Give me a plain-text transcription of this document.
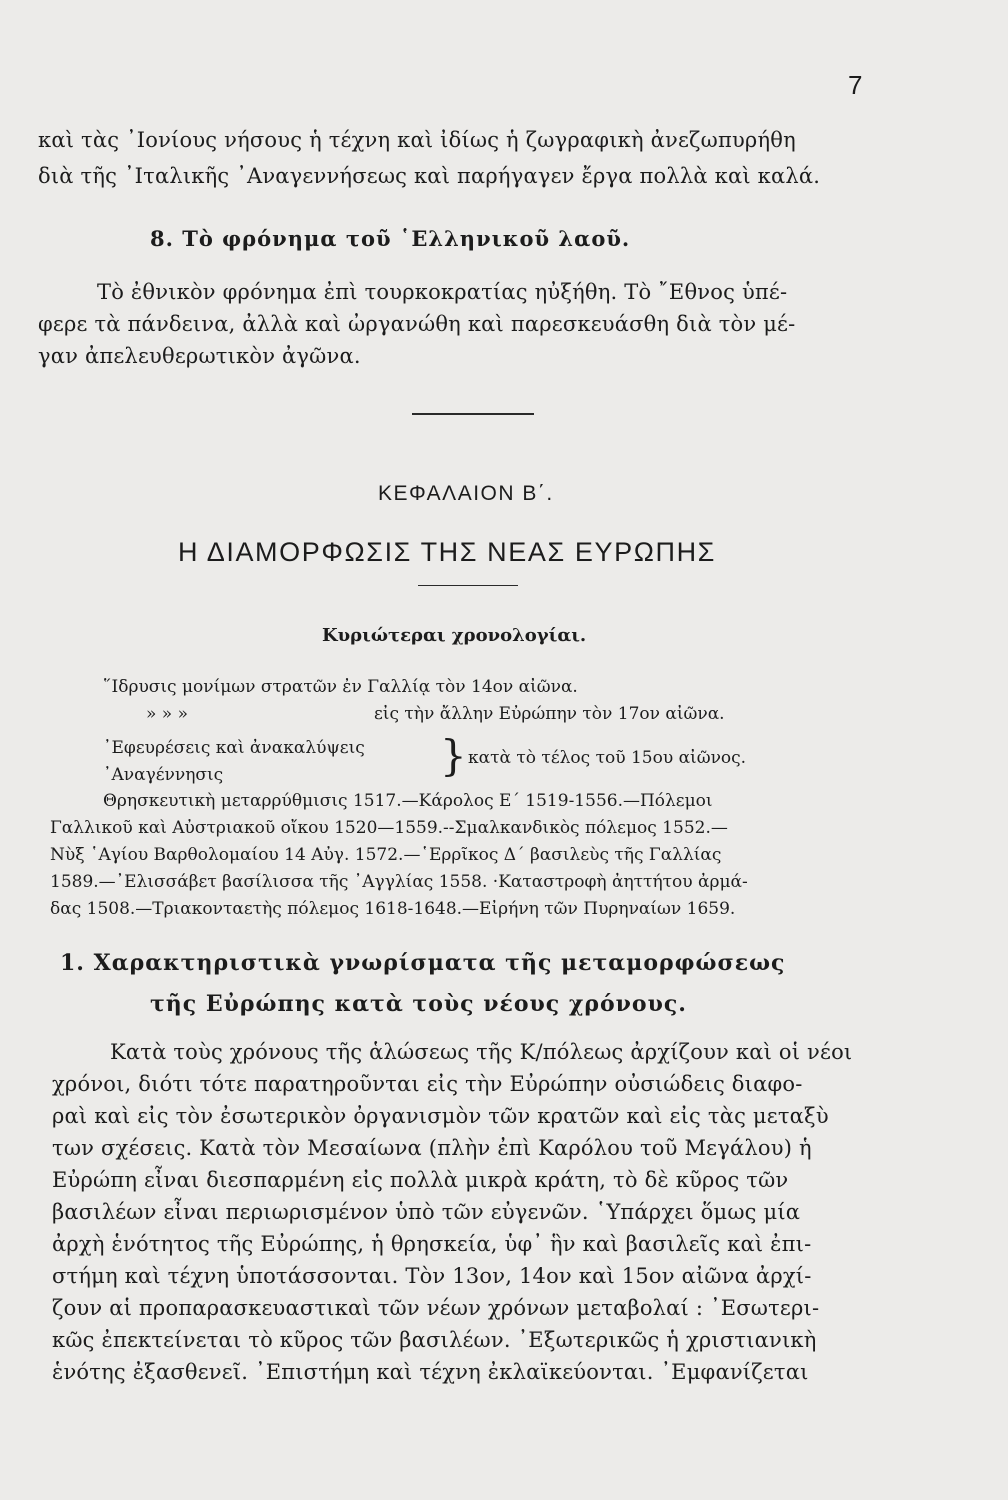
7
καὶ τὰς ᾿Ιονίους νήσους ἡ τέχνη καὶ ἰδίως ἡ ζωγραφικὴ ἀνεζωπυρήθη
διὰ τῆς ᾿Ιταλικῆς ᾿Αναγεννήσεως καὶ παρήγαγεν ἔργα πολλὰ καὶ καλά.
8. Τὸ φρόνημα τοῦ ῾Ελληνικοῦ λαοῦ.
Τὸ ἐθνικὸν φρόνημα ἐπὶ τουρκοκρατίας ηὐξήθη. Τὸ ῎Εθνος ὑπέ-
φερε τὰ πάνδεινα, ἀλλὰ καὶ ὠργανώθη καὶ παρεσκευάσθη διὰ τὸν μέ-
γαν ἀπελευθερωτικὸν ἀγῶνα.
ΚΕΦΑΛΑΙΟΝ Β΄.
Η ΔΙΑΜΟΡΦΩΣΙΣ ΤΗΣ ΝΕΑΣ ΕΥΡΩΠΗΣ
Κυριώτεραι χρονολογίαι.
῞Ιδρυσις μονίμων στρατῶν ἐν Γαλλίᾳ τὸν 14ον αἰῶνα.
» » »	εἰς τὴν ἄλλην Εὐρώπην τὸν 17ον αἰῶνα.
᾿Εφευρέσεις καὶ ἀνακαλύψεις
᾿Αναγέννησις	} κατὰ τὸ τέλος τοῦ 15ου αἰῶνος.
Θρησκευτικὴ μεταρρύθμισις 1517.—Κάρολος Ε΄ 1519-1556.—Πόλεμοι
Γαλλικοῦ καὶ Αὐστριακοῦ οἴκου 1520—1559.--Σμαλκανδικὸς πόλεμος 1552.—
Νὺξ ῾Αγίου Βαρθολομαίου 14 Αὐγ. 1572.—῾Ερρῖκος Δ΄ βασιλεὺς τῆς Γαλλίας
1589.—᾿Ελισσάβετ βασίλισσα τῆς ᾿Αγγλίας 1558. ·Καταστροφὴ ἀηττήτου ἀρμά-
δας 1508.—Τριακονταετὴς πόλεμος 1618-1648.—Εἰρήνη τῶν Πυρηναίων 1659.
1. Χαρακτηριστικὰ γνωρίσματα τῆς μεταμορφώσεως
τῆς Εὐρώπης κατὰ τοὺς νέους χρόνους.
Κατὰ τοὺς χρόνους τῆς ἁλώσεως τῆς Κ/πόλεως ἀρχίζουν καὶ οἱ νέοι
χρόνοι, διότι τότε παρατηροῦνται εἰς τὴν Εὐρώπην οὐσιώδεις διαφο-
ραὶ καὶ εἰς τὸν ἐσωτερικὸν ὀργανισμὸν τῶν κρατῶν καὶ εἰς τὰς μεταξὺ
των σχέσεις. Κατὰ τὸν Μεσαίωνα (πλὴν ἐπὶ Καρόλου τοῦ Μεγάλου) ἡ
Εὐρώπη εἶναι διεσπαρμένη εἰς πολλὰ μικρὰ κράτη, τὸ δὲ κῦρος τῶν
βασιλέων εἶναι περιωρισμένον ὑπὸ τῶν εὐγενῶν. ῾Υπάρχει ὅμως μία
ἀρχὴ ἑνότητος τῆς Εὐρώπης, ἡ θρησκεία, ὑφ᾿ ἣν καὶ βασιλεῖς καὶ ἐπι-
στήμη καὶ τέχνη ὑποτάσσονται. Τὸν 13ον, 14ον καὶ 15ον αἰῶνα ἀρχί-
ζουν αἱ προπαρασκευαστικαὶ τῶν νέων χρόνων μεταβολαί : ᾿Εσωτερι-
κῶς ἐπεκτείνεται τὸ κῦρος τῶν βασιλέων. ᾿Εξωτερικῶς ἡ χριστιανικὴ
ἑνότης ἐξασθενεῖ. ᾿Επιστήμη καὶ τέχνη ἐκλαϊκεύονται. ᾿Εμφανίζεται
